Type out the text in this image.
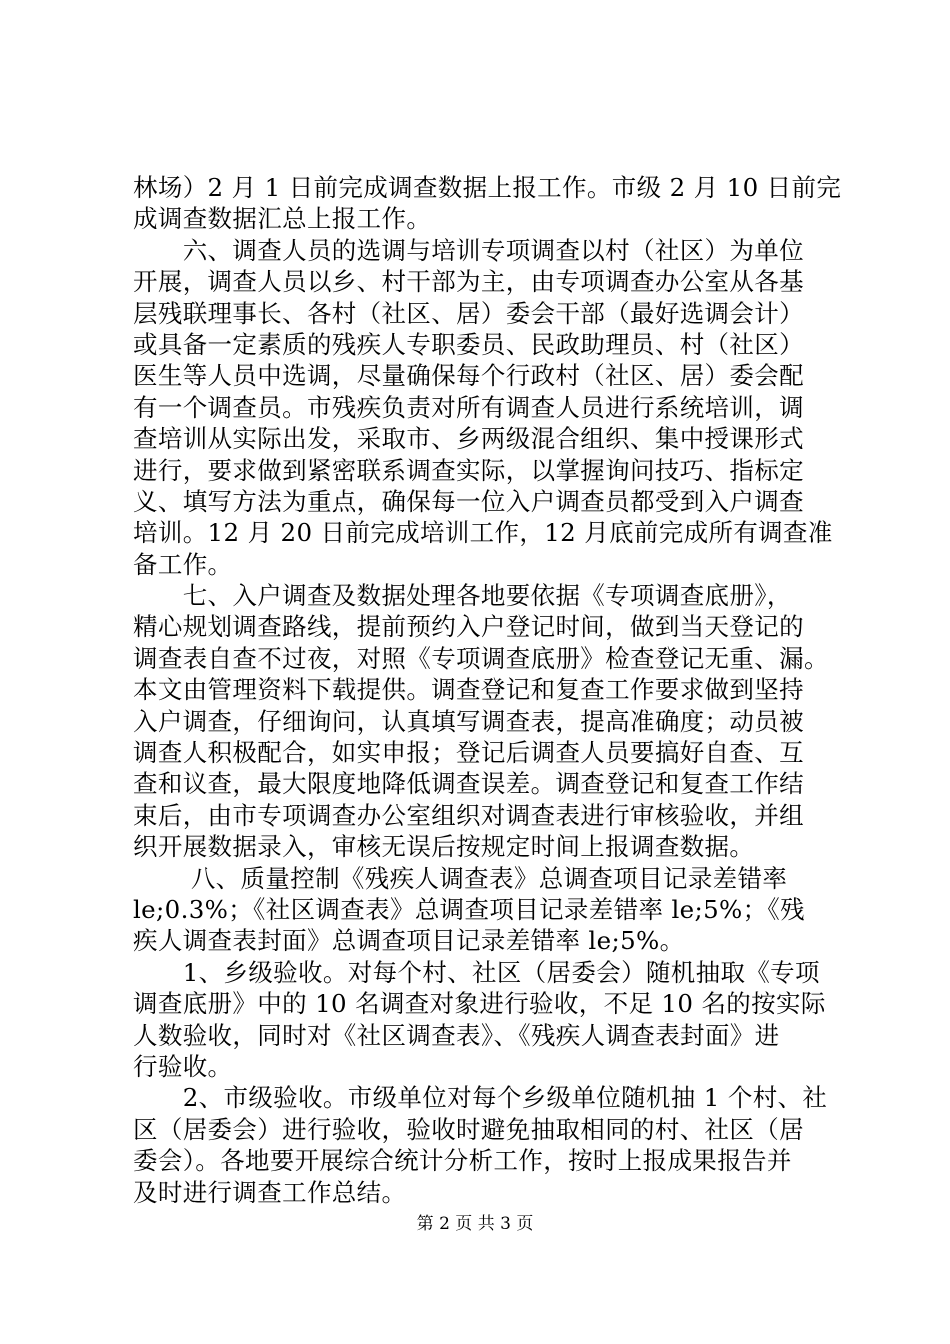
林场）2 月 1 日前完成调查数据上报工作。市级 2 月 10 日前完
成调查数据汇总上报工作。
　　六、调查人员的选调与培训专项调查以村（社区）为单位
开展，调查人员以乡、村干部为主，由专项调查办公室从各基
层残联理事长、各村（社区、居）委会干部（最好选调会计）
或具备一定素质的残疾人专职委员、民政助理员、村（社区）
医生等人员中选调，尽量确保每个行政村（社区、居）委会配
有一个调查员。市残疾负责对所有调查人员进行系统培训，调
查培训从实际出发，采取市、乡两级混合组织、集中授课形式
进行，要求做到紧密联系调查实际，以掌握询问技巧、指标定
义、填写方法为重点，确保每一位入户调查员都受到入户调查
培训。12 月 20 日前完成培训工作，12 月底前完成所有调查准
备工作。
　　七、入户调查及数据处理各地要依据《专项调查底册》，
精心规划调查路线，提前预约入户登记时间，做到当天登记的
调查表自查不过夜，对照《专项调查底册》检查登记无重、漏。
本文由管理资料下载提供。调查登记和复查工作要求做到坚持
入户调查，仔细询问，认真填写调查表，提高准确度；动员被
调查人积极配合，如实申报；登记后调查人员要搞好自查、互
查和议查，最大限度地降低调查误差。调查登记和复查工作结
束后，由市专项调查办公室组织对调查表进行审核验收，并组
织开展数据录入，审核无误后按规定时间上报调查数据。
　　 八、质量控制《残疾人调查表》总调查项目记录差错率
le;0.3%；《社区调查表》总调查项目记录差错率 le;5%；《残
疾人调查表封面》总调查项目记录差错率 le;5%。
　　1、乡级验收。对每个村、社区（居委会）随机抽取《专项
调查底册》中的 10 名调查对象进行验收，不足 10 名的按实际
人数验收，同时对《社区调查表》、《残疾人调查表封面》进
行验收。
　　2、市级验收。市级单位对每个乡级单位随机抽 1 个村、社
区（居委会）进行验收，验收时避免抽取相同的村、社区（居
委会）。各地要开展综合统计分析工作，按时上报成果报告并
及时进行调查工作总结。
第 2 页 共 3 页
